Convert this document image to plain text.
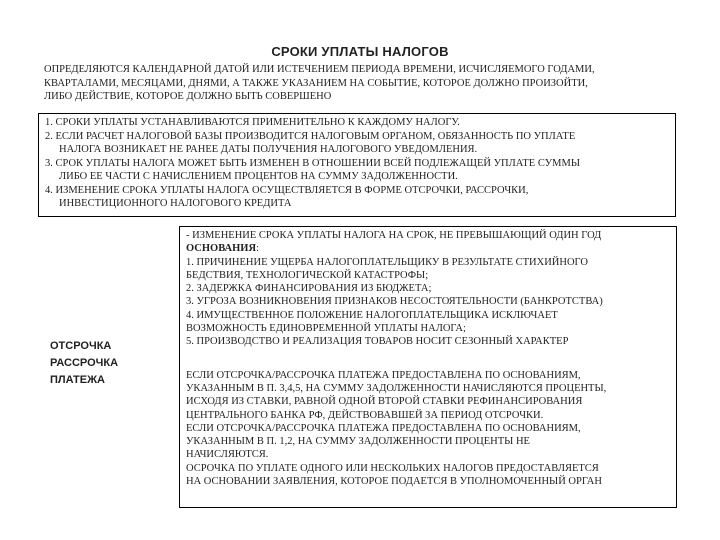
СРОКИ УПЛАТЫ НАЛОГОВ
ОПРЕДЕЛЯЮТСЯ КАЛЕНДАРНОЙ ДАТОЙ ИЛИ ИСТЕЧЕНИЕМ ПЕРИОДА ВРЕМЕНИ, ИСЧИСЛЯЕМОГО ГОДАМИ,
КВАРТАЛАМИ, МЕСЯЦАМИ, ДНЯМИ, А ТАКЖЕ УКАЗАНИЕМ НА СОБЫТИЕ, КОТОРОЕ ДОЛЖНО ПРОИЗОЙТИ,
ЛИБО ДЕЙСТВИЕ, КОТОРОЕ ДОЛЖНО БЫТЬ СОВЕРШЕНО
1. СРОКИ УПЛАТЫ УСТАНАВЛИВАЮТСЯ ПРИМЕНИТЕЛЬНО К КАЖДОМУ НАЛОГУ.
2. ЕСЛИ РАСЧЕТ НАЛОГОВОЙ БАЗЫ ПРОИЗВОДИТСЯ НАЛОГОВЫМ ОРГАНОМ, ОБЯЗАННОСТЬ ПО УПЛАТЕ
НАЛОГА ВОЗНИКАЕТ НЕ РАНЕЕ ДАТЫ ПОЛУЧЕНИЯ НАЛОГОВОГО УВЕДОМЛЕНИЯ.
3. СРОК УПЛАТЫ НАЛОГА МОЖЕТ БЫТЬ ИЗМЕНЕН В ОТНОШЕНИИ ВСЕЙ ПОДЛЕЖАЩЕЙ УПЛАТЕ СУММЫ
ЛИБО ЕЕ ЧАСТИ С НАЧИСЛЕНИЕМ ПРОЦЕНТОВ НА СУММУ ЗАДОЛЖЕННОСТИ.
4. ИЗМЕНЕНИЕ СРОКА УПЛАТЫ НАЛОГА ОСУЩЕСТВЛЯЕТСЯ В ФОРМЕ ОТСРОЧКИ, РАССРОЧКИ,
ИНВЕСТИЦИОННОГО НАЛОГОВОГО КРЕДИТА
ОТСРОЧКА
РАССРОЧКА
ПЛАТЕЖА

- ИЗМЕНЕНИЕ СРОКА УПЛАТЫ НАЛОГА НА СРОК, НЕ ПРЕВЫШАЮЩИЙ ОДИН ГОД

ОСНОВАНИЯ:

1. ПРИЧИНЕНИЕ УЩЕРБА НАЛОГОПЛАТЕЛЬЩИКУ В РЕЗУЛЬТАТЕ СТИХИЙНОГО

БЕДСТВИЯ, ТЕХНОЛОГИЧЕСКОЙ КАТАСТРОФЫ;

2. ЗАДЕРЖКА ФИНАНСИРОВАНИЯ ИЗ БЮДЖЕТА;

3. УГРОЗА ВОЗНИКНОВЕНИЯ ПРИЗНАКОВ НЕСОСТОЯТЕЛЬНОСТИ (БАНКРОТСТВА)

4. ИМУЩЕСТВЕННОЕ ПОЛОЖЕНИЕ НАЛОГОПЛАТЕЛЬЩИКА ИСКЛЮЧАЕТ

ВОЗМОЖНОСТЬ ЕДИНОВРЕМЕННОЙ УПЛАТЫ НАЛОГА;

5. ПРОИЗВОДСТВО И РЕАЛИЗАЦИЯ ТОВАРОВ НОСИТ СЕЗОННЫЙ ХАРАКТЕР

ЕСЛИ ОТСРОЧКА/РАССРОЧКА ПЛАТЕЖА ПРЕДОСТАВЛЕНА ПО ОСНОВАНИЯМ,

УКАЗАННЫМ В П. 3,4,5, НА СУММУ ЗАДОЛЖЕННОСТИ НАЧИСЛЯЮТСЯ ПРОЦЕНТЫ,

ИСХОДЯ ИЗ СТАВКИ, РАВНОЙ ОДНОЙ ВТОРОЙ СТАВКИ РЕФИНАНСИРОВАНИЯ

ЦЕНТРАЛЬНОГО БАНКА РФ, ДЕЙСТВОВАВШЕЙ ЗА ПЕРИОД ОТСРОЧКИ.

ЕСЛИ ОТСРОЧКА/РАССРОЧКА ПЛАТЕЖА ПРЕДОСТАВЛЕНА ПО ОСНОВАНИЯМ,

УКАЗАННЫМ В П. 1,2, НА СУММУ ЗАДОЛЖЕННОСТИ ПРОЦЕНТЫ НЕ

НАЧИСЛЯЮТСЯ.

ОСРОЧКА ПО УПЛАТЕ ОДНОГО ИЛИ НЕСКОЛЬКИХ НАЛОГОВ ПРЕДОСТАВЛЯЕТСЯ

НА ОСНОВАНИИ ЗАЯВЛЕНИЯ, КОТОРОЕ ПОДАЕТСЯ В УПОЛНОМОЧЕННЫЙ ОРГАН
